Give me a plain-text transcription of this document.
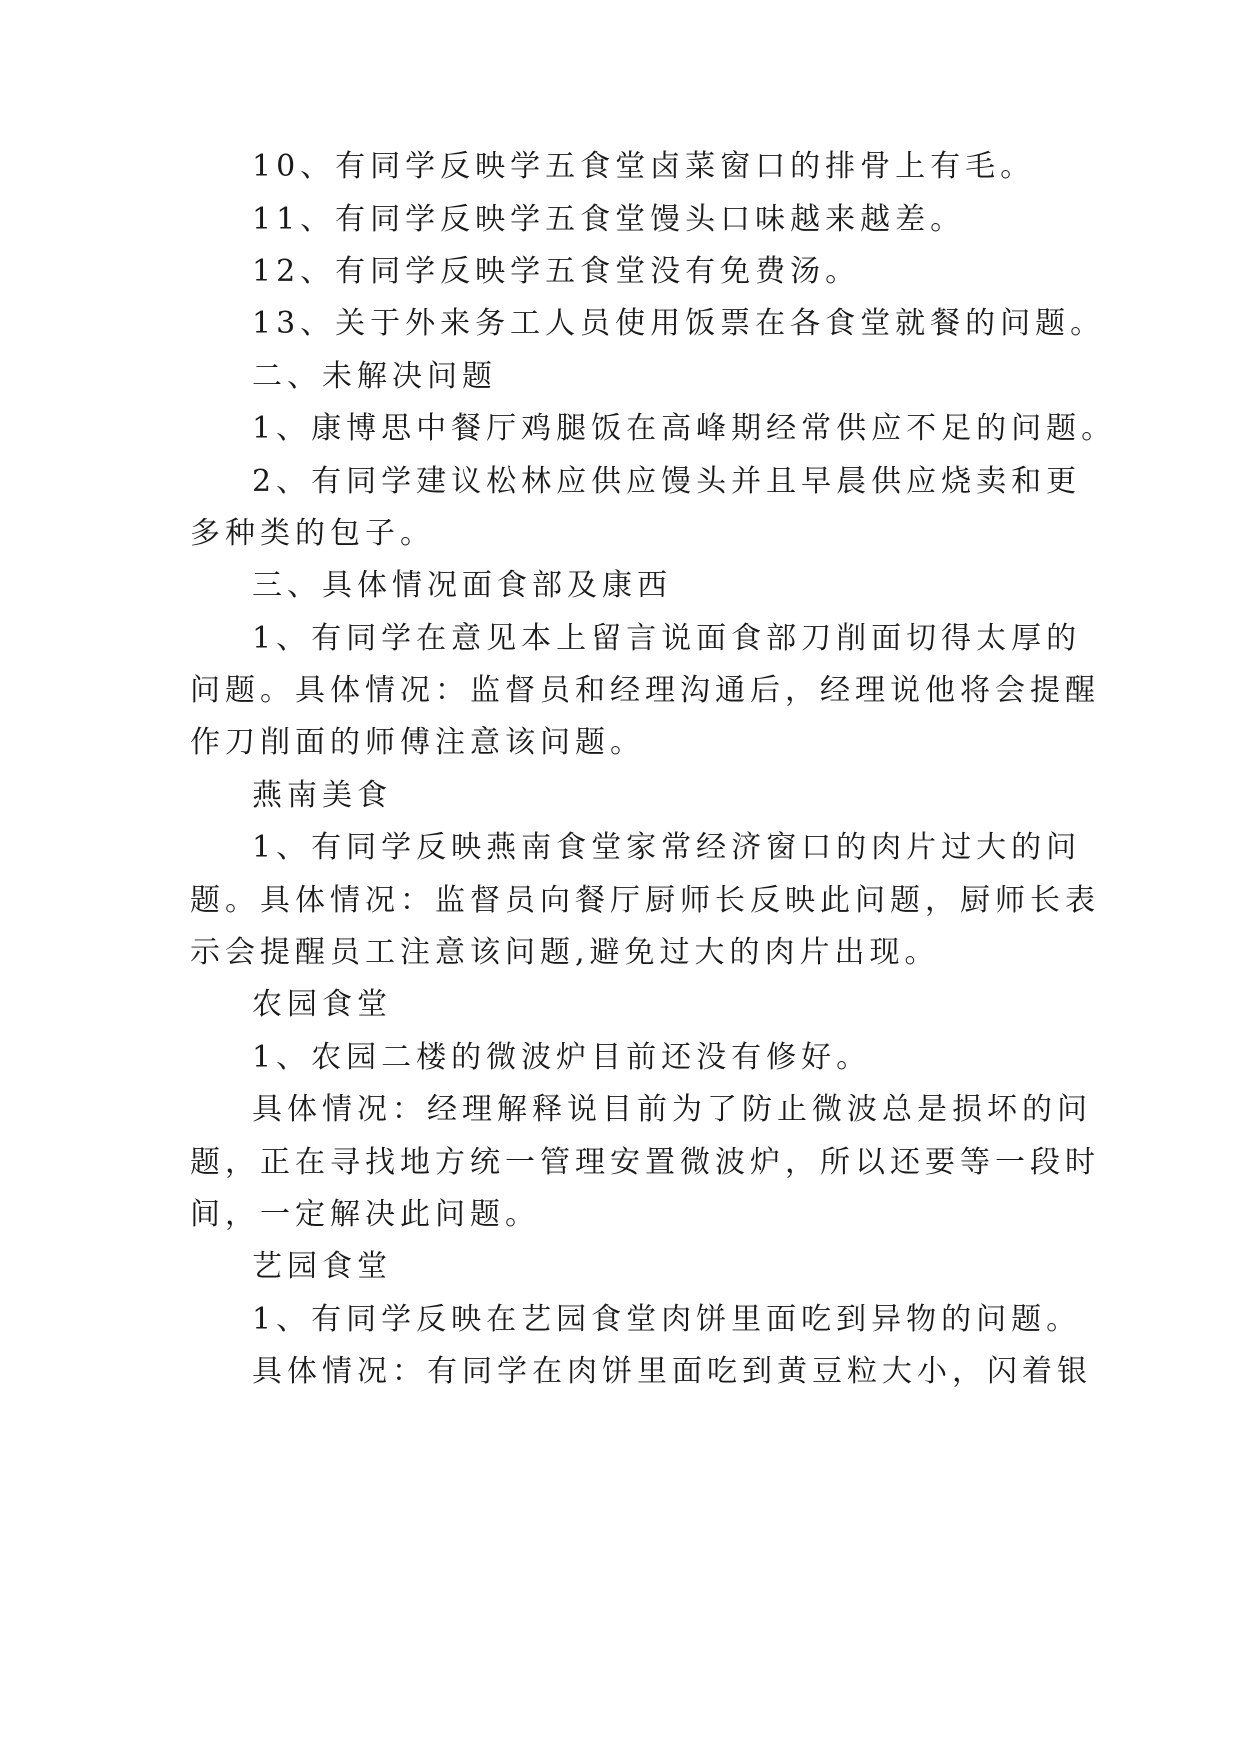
10、有同学反映学五食堂卤菜窗口的排骨上有毛。
11、有同学反映学五食堂馒头口味越来越差。
12、有同学反映学五食堂没有免费汤。
13、关于外来务工人员使用饭票在各食堂就餐的问题。
二、未解决问题
1、康博思中餐厅鸡腿饭在高峰期经常供应不足的问题。
2、有同学建议松林应供应馒头并且早晨供应烧卖和更
多种类的包子。
三、具体情况面食部及康西
1、有同学在意见本上留言说面食部刀削面切得太厚的
问题。具体情况：监督员和经理沟通后，经理说他将会提醒
作刀削面的师傅注意该问题。
燕南美食
1、有同学反映燕南食堂家常经济窗口的肉片过大的问
题。具体情况：监督员向餐厅厨师长反映此问题，厨师长表
示会提醒员工注意该问题,避免过大的肉片出现。
农园食堂
1、农园二楼的微波炉目前还没有修好。
具体情况：经理解释说目前为了防止微波总是损坏的问
题，正在寻找地方统一管理安置微波炉，所以还要等一段时
间，一定解决此问题。
艺园食堂
1、有同学反映在艺园食堂肉饼里面吃到异物的问题。
具体情况：有同学在肉饼里面吃到黄豆粒大小，闪着银
